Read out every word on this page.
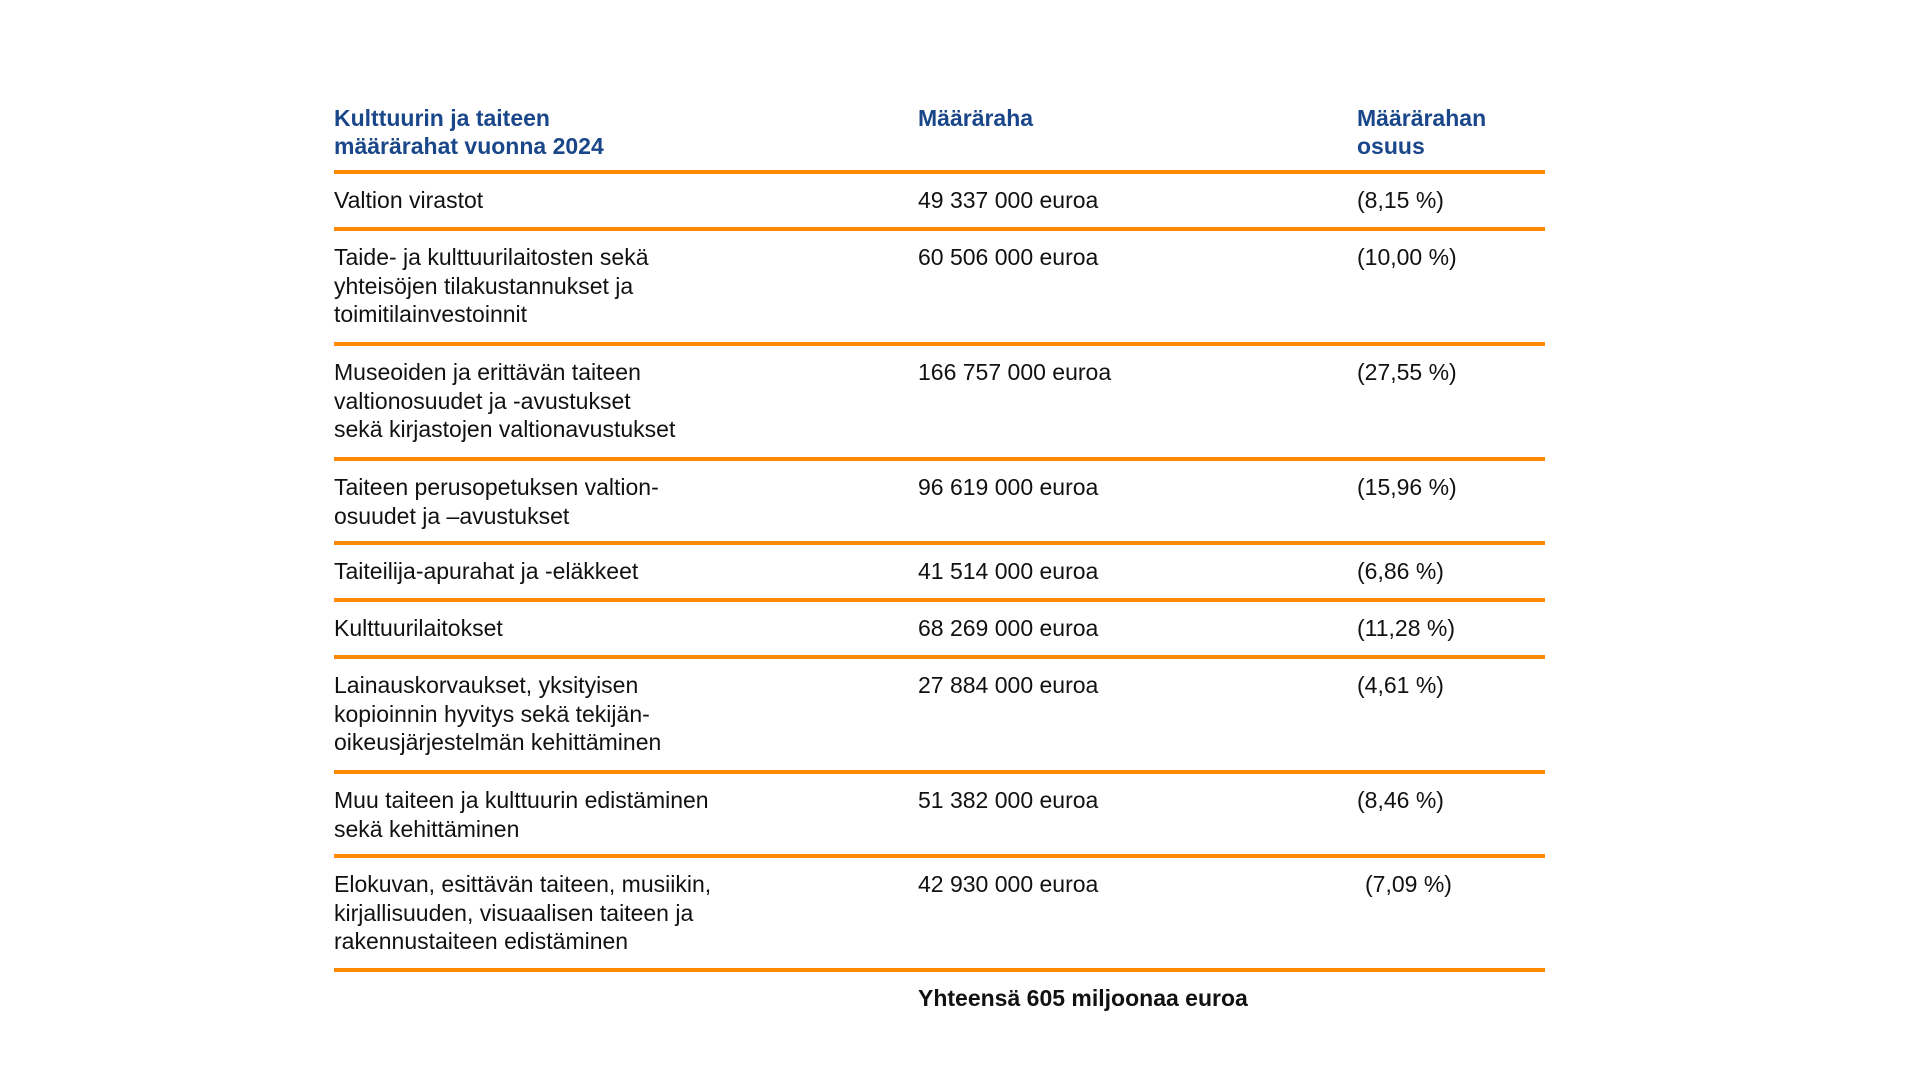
Kulttuurin ja taiteen määrärahat vuonna 2024
Määräraha	Määrärahan osuus
Valtion virastot	49 337 000 euroa	(8,15 %)
Taide- ja kulttuurilaitosten sekä
yhteisöjen tilakustannukset ja
toimitilainvestoinnit
60 506 000 euroa	(10,00 %)
Museoiden ja erittävän taiteen
valtionosuudet ja -avustukset
sekä kirjastojen valtionavustukset
166 757 000 euroa	(27,55 %)
Taiteen perusopetuksen valtion-
osuudet ja –avustukset
96 619 000 euroa	(15,96 %)
Taiteilija-apurahat ja -eläkkeet	41 514 000 euroa	(6,86 %)
Kulttuurilaitokset	68 269 000 euroa	(11,28 %)
Lainauskorvaukset, yksityisen
kopioinnin hyvitys sekä tekijän-
oikeusjärjestelmän kehittäminen
27 884 000 euroa	(4,61 %)
Muu taiteen ja kulttuurin edistäminen
sekä kehittäminen
51 382 000 euroa	(8,46 %)
Elokuvan, esittävän taiteen, musiikin,
kirjallisuuden, visuaalisen taiteen ja
rakennustaiteen edistäminen
42 930 000 euroa	(7,09 %)
Yhteensä 605 miljoonaa euroa
